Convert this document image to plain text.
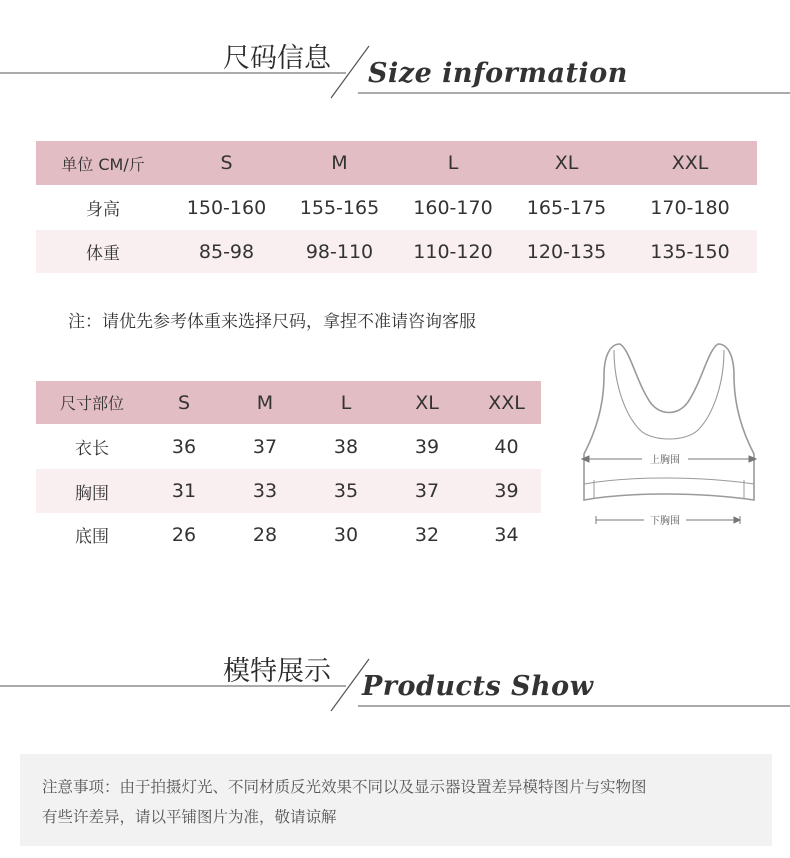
尺码信息 Size information
单位 CM/斤	S	M	L	XL	XXL
身高	150-160	155-165	160-170	165-175	170-180
体重	85-98	98-110	110-120	120-135	135-150
注：请优先参考体重来选择尺码，拿捏不准请咨询客服
尺寸部位	S	M	L	XL	XXL
衣长	36	37	38	39	40
胸围	31	33	35	37	39
底围	26	28	30	32	34
上胸围
下胸围
模特展示 Products Show

注意事项：由于拍摄灯光、不同材质反光效果不同以及显示器设置差异模特图片与实物图

有些许差异，请以平铺图片为准，敬请谅解
